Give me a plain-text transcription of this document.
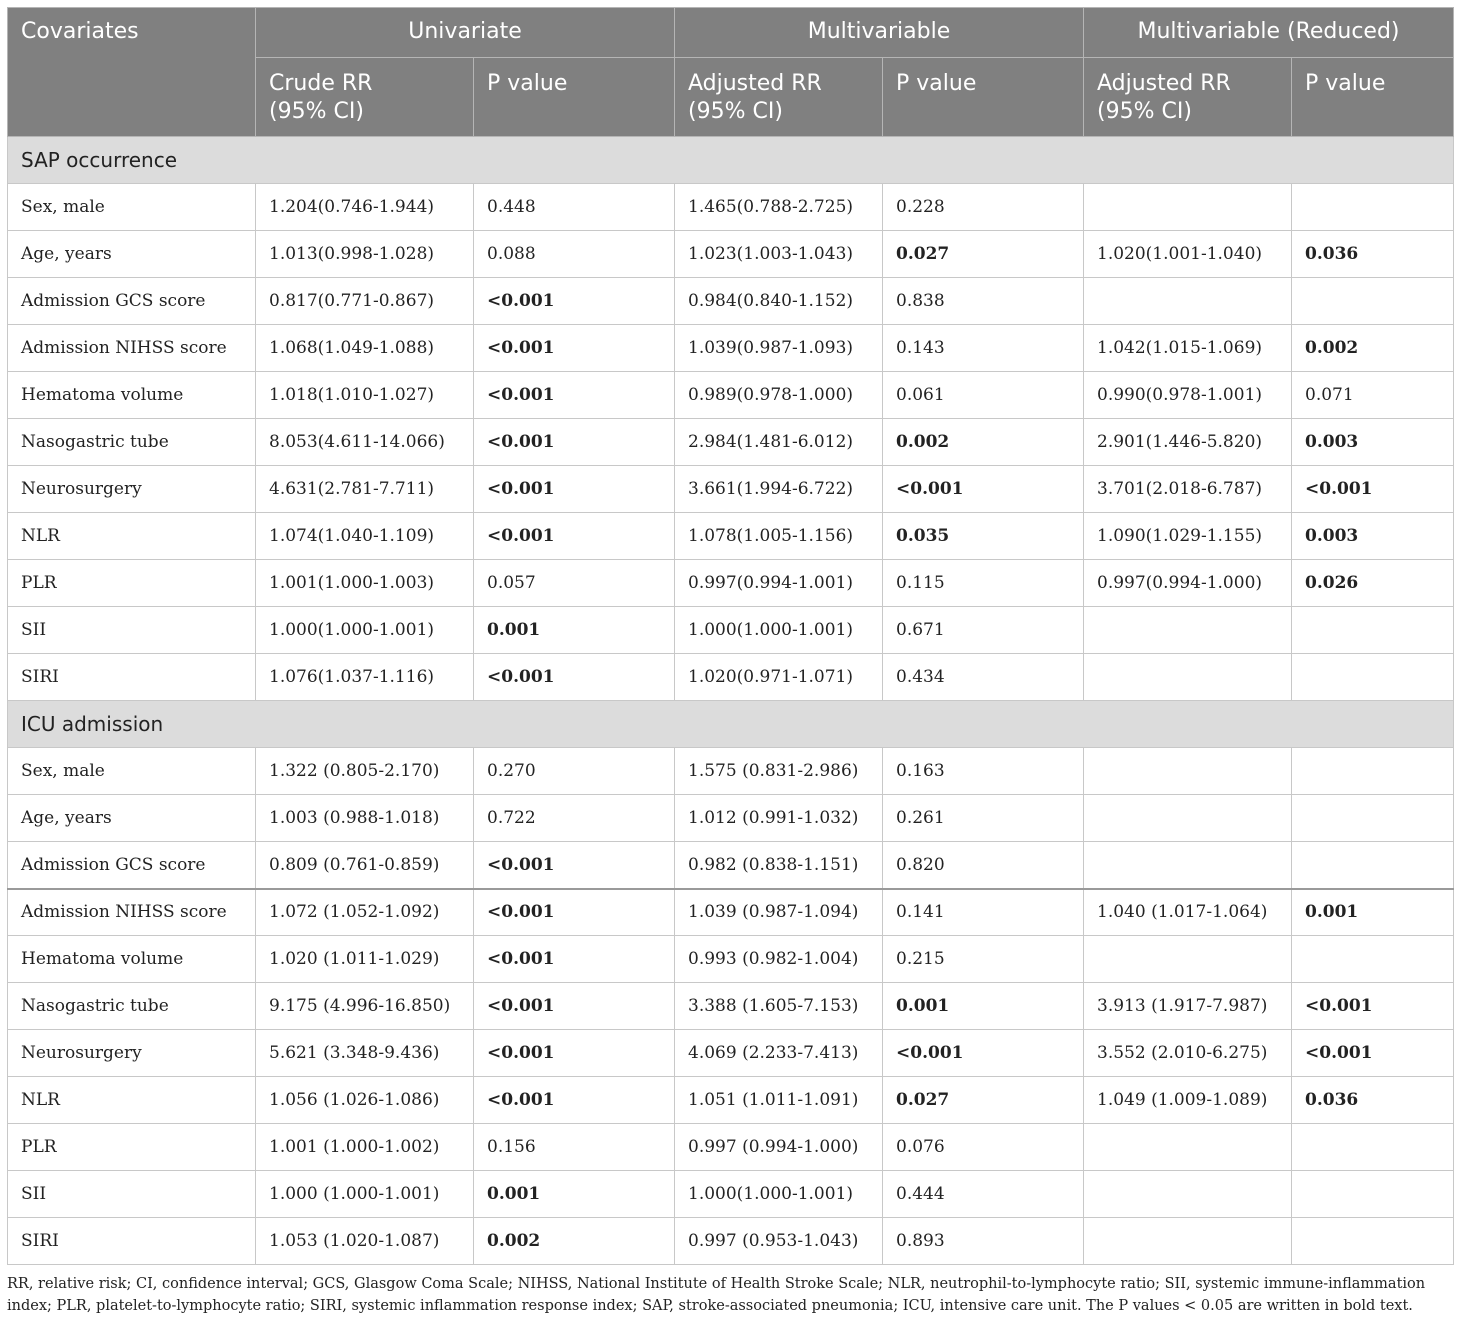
Covariates	Univariate		Multivariable		Multivariable (Reduced)	
	Crude RR
(95% CI)	P value	Adjusted RR
(95% CI)	P value	Adjusted RR
(95% CI)	P value
SAP occurrence						
Sex, male	1.204(0.746-1.944)	0.448	1.465(0.788-2.725)	0.228		
Age, years	1.013(0.998-1.028)	0.088	1.023(1.003-1.043)	0.027	1.020(1.001-1.040)	0.036
Admission GCS score	0.817(0.771-0.867)	<0.001	0.984(0.840-1.152)	0.838		
Admission NIHSS score	1.068(1.049-1.088)	<0.001	1.039(0.987-1.093)	0.143	1.042(1.015-1.069)	0.002
Hematoma volume	1.018(1.010-1.027)	<0.001	0.989(0.978-1.000)	0.061	0.990(0.978-1.001)	0.071
Nasogastric tube	8.053(4.611-14.066)	<0.001	2.984(1.481-6.012)	0.002	2.901(1.446-5.820)	0.003
Neurosurgery	4.631(2.781-7.711)	<0.001	3.661(1.994-6.722)	<0.001	3.701(2.018-6.787)	<0.001
NLR	1.074(1.040-1.109)	<0.001	1.078(1.005-1.156)	0.035	1.090(1.029-1.155)	0.003
PLR	1.001(1.000-1.003)	0.057	0.997(0.994-1.001)	0.115	0.997(0.994-1.000)	0.026
SII	1.000(1.000-1.001)	0.001	1.000(1.000-1.001)	0.671		
SIRI	1.076(1.037-1.116)	<0.001	1.020(0.971-1.071)	0.434		
ICU admission						
Sex, male	1.322 (0.805-2.170)	0.270	1.575 (0.831-2.986)	0.163		
Age, years	1.003 (0.988-1.018)	0.722	1.012 (0.991-1.032)	0.261		
Admission GCS score	0.809 (0.761-0.859)	<0.001	0.982 (0.838-1.151)	0.820		
Admission NIHSS score	1.072 (1.052-1.092)	<0.001	1.039 (0.987-1.094)	0.141	1.040 (1.017-1.064)	0.001
Hematoma volume	1.020 (1.011-1.029)	<0.001	0.993 (0.982-1.004)	0.215		
Nasogastric tube	9.175 (4.996-16.850)	<0.001	3.388 (1.605-7.153)	0.001	3.913 (1.917-7.987)	<0.001
Neurosurgery	5.621 (3.348-9.436)	<0.001	4.069 (2.233-7.413)	<0.001	3.552 (2.010-6.275)	<0.001
NLR	1.056 (1.026-1.086)	<0.001	1.051 (1.011-1.091)	0.027	1.049 (1.009-1.089)	0.036
PLR	1.001 (1.000-1.002)	0.156	0.997 (0.994-1.000)	0.076		
SII	1.000 (1.000-1.001)	0.001	1.000(1.000-1.001)	0.444		
SIRI	1.053 (1.020-1.087)	0.002	0.997 (0.953-1.043)	0.893		

RR, relative risk; CI, confidence interval; GCS, Glasgow Coma Scale; NIHSS, National Institute of Health Stroke Scale; NLR, neutrophil-to-lymphocyte ratio; SII, systemic immune-inflammation index; PLR, platelet-to-lymphocyte ratio; SIRI, systemic inflammation response index; SAP, stroke-associated pneumonia; ICU, intensive care unit. The P values < 0.05 are written in bold text.
